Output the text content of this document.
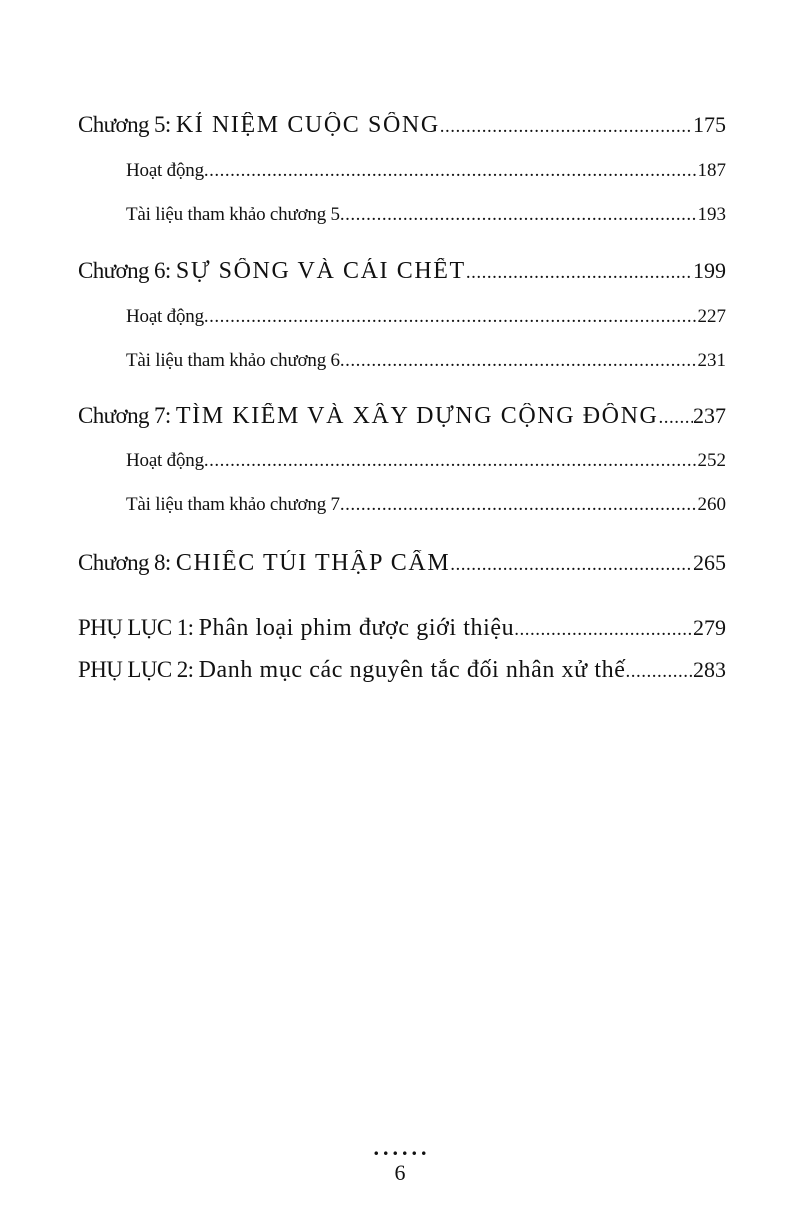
Chương 5: KỈ NIỆM CUỘC SỐNG .....	175
Hoạt động .....	187
Tài liệu tham khảo chương 5 .....	193
Chương 6: SỰ SỐNG VÀ CÁI CHẾT .....	199
Hoạt động .....	227
Tài liệu tham khảo chương 6 .....	231
Chương 7: TÌM KIẾM VÀ XÂY DỰNG CỘNG ĐỒNG ..... 237
Hoạt động .....	252
Tài liệu tham khảo chương 7 .....	260
Chương 8: CHIẾC TÚI THẬP CẨM .....	265
PHỤ LỤC 1: Phân loại phim được giới thiệu .....	279
PHỤ LỤC 2: Danh mục các nguyên tắc đối nhân xử thế .....	283
......
6
